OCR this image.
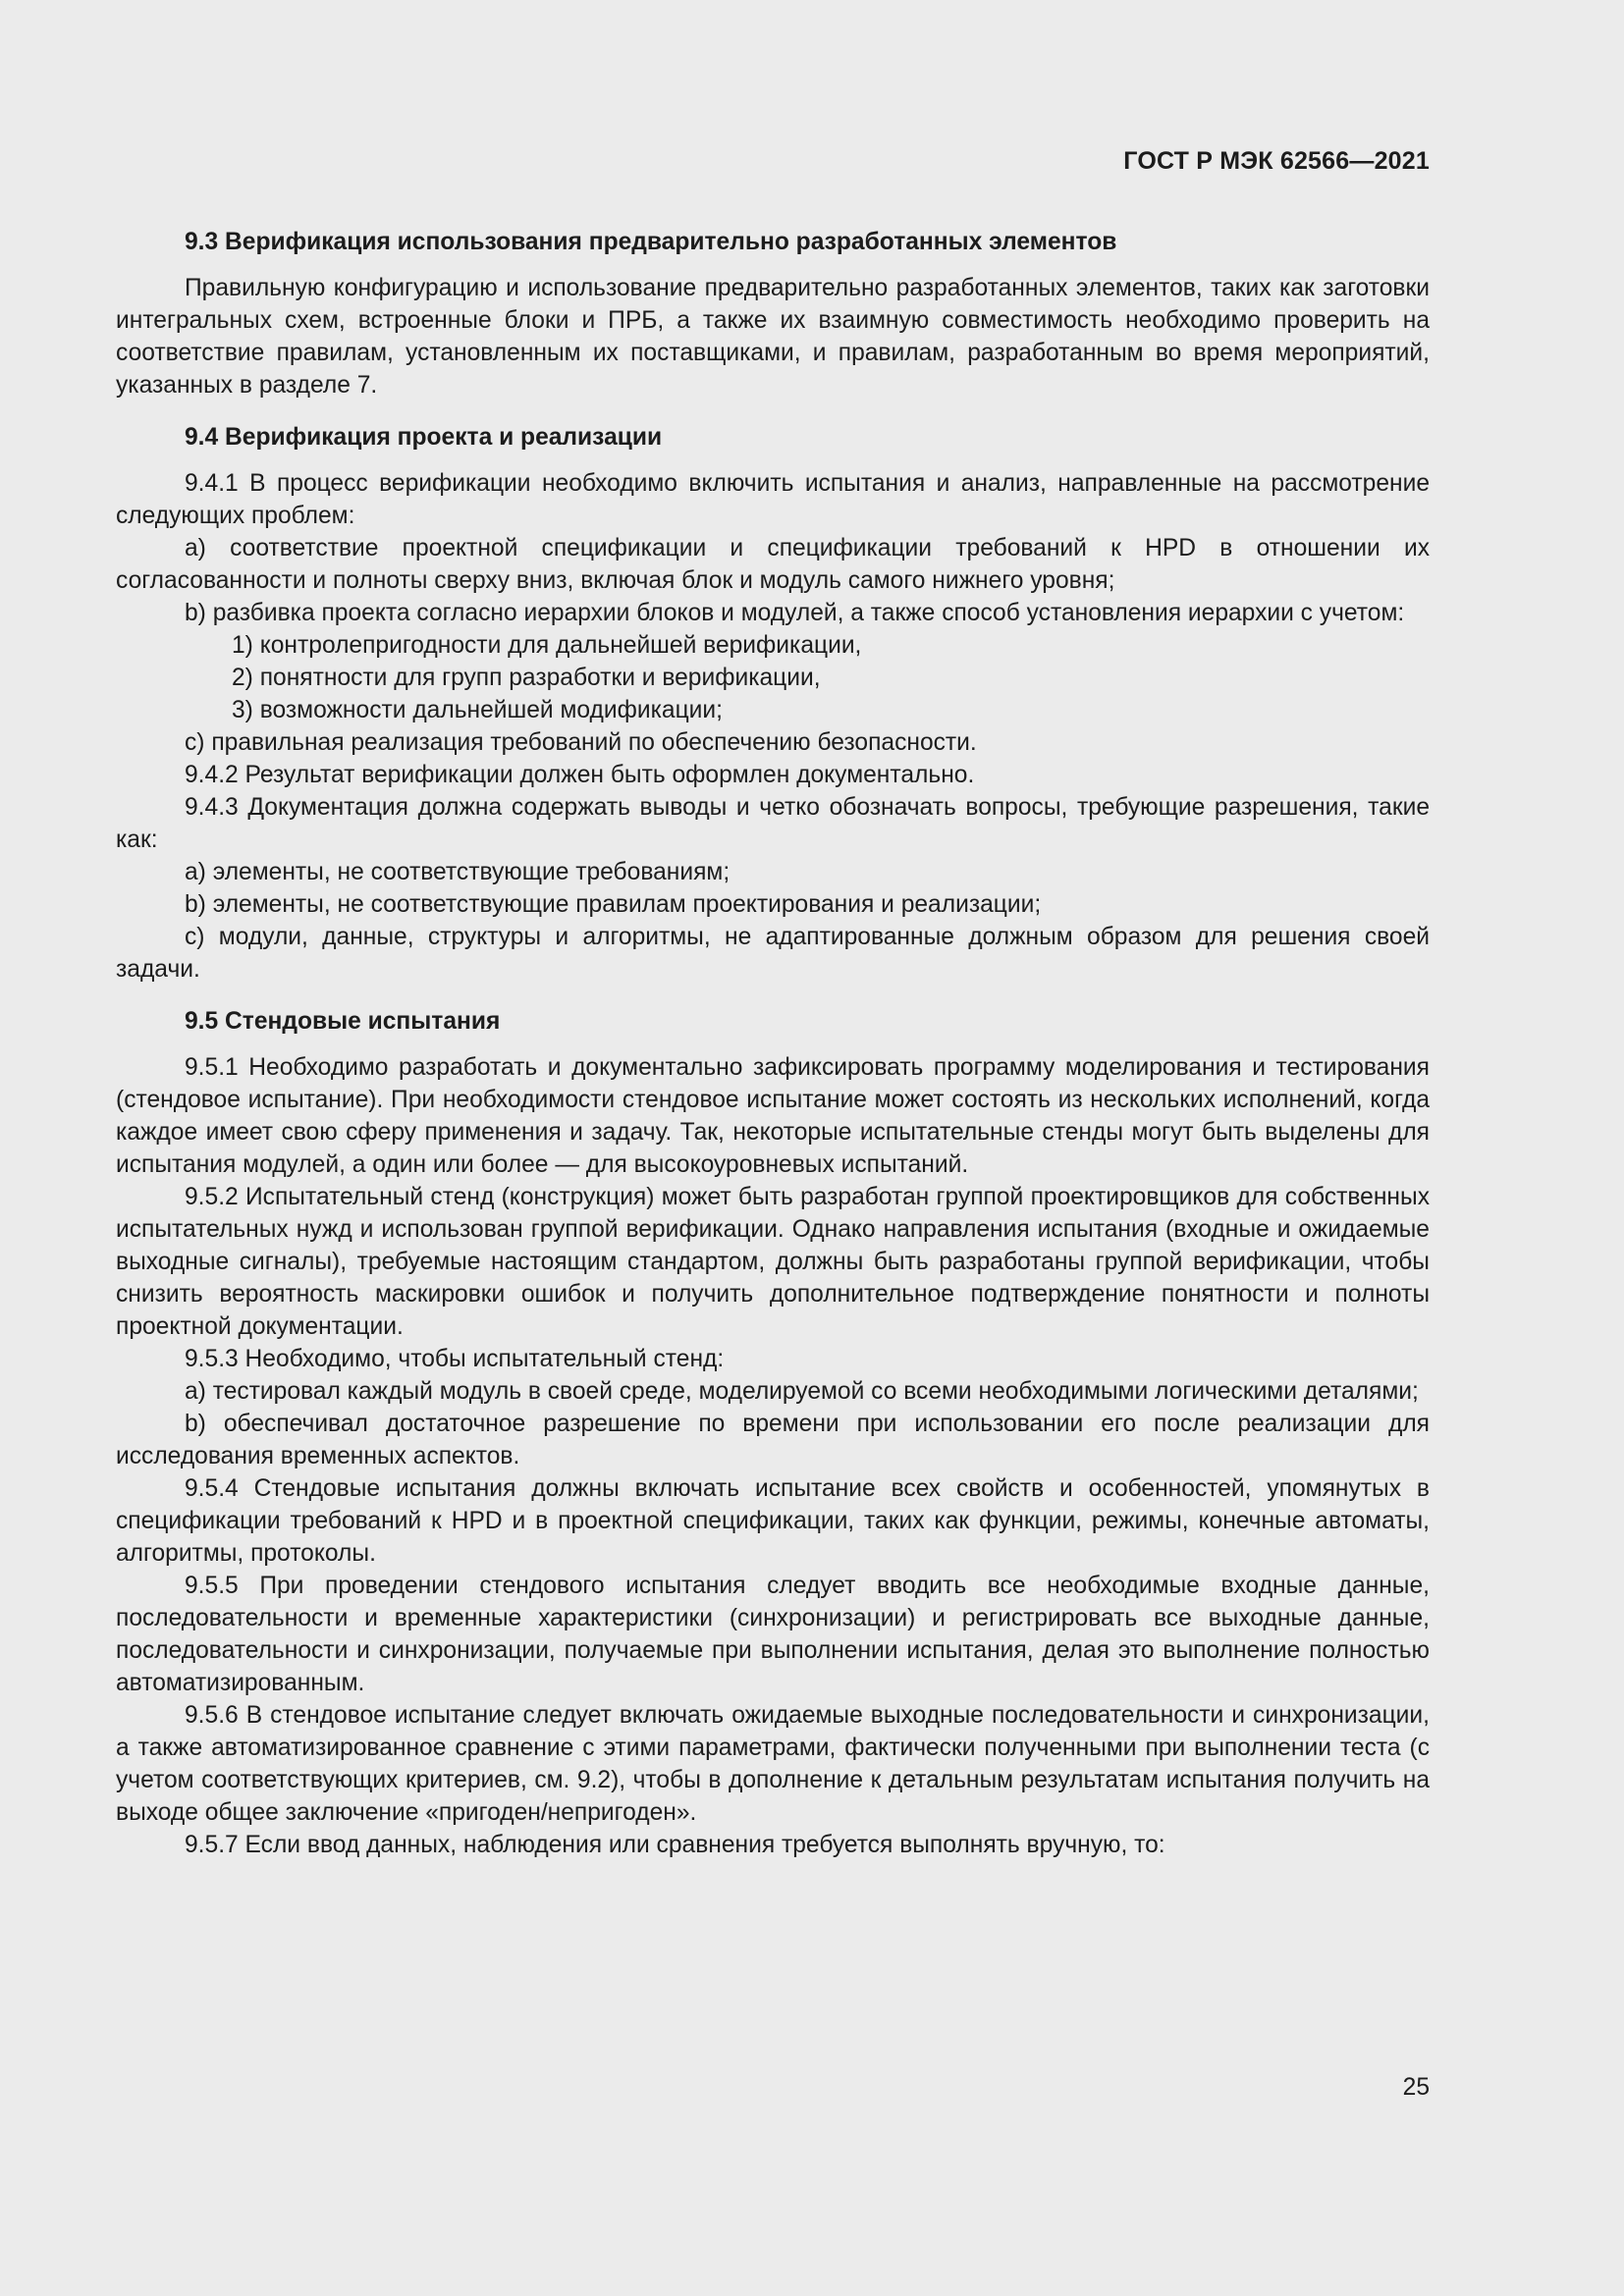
ГОСТ Р МЭК 62566—2021

9.3 Верификация использования предварительно разработанных элементов

Правильную конфигурацию и использование предварительно разработанных элементов, таких как заготовки интегральных схем, встроенные блоки и ПРБ, а также их взаимную совместимость необходимо проверить на соответствие правилам, установленным их поставщиками, и правилам, разработанным во время мероприятий, указанных в разделе 7.

9.4 Верификация проекта и реализации

9.4.1 В процесс верификации необходимо включить испытания и анализ, направленные на рассмотрение следующих проблем:

a) соответствие проектной спецификации и спецификации требований к HPD в отношении их согласованности и полноты сверху вниз, включая блок и модуль самого нижнего уровня;

b) разбивка проекта согласно иерархии блоков и модулей, а также способ установления иерархии с учетом:

1) контролепригодности для дальнейшей верификации,

2) понятности для групп разработки и верификации,

3) возможности дальнейшей модификации;

c) правильная реализация требований по обеспечению безопасности.

9.4.2 Результат верификации должен быть оформлен документально.

9.4.3 Документация должна содержать выводы и четко обозначать вопросы, требующие разрешения, такие как:

a) элементы, не соответствующие требованиям;

b) элементы, не соответствующие правилам проектирования и реализации;

c) модули, данные, структуры и алгоритмы, не адаптированные должным образом для решения своей задачи.

9.5 Стендовые испытания

9.5.1 Необходимо разработать и документально зафиксировать программу моделирования и тестирования (стендовое испытание). При необходимости стендовое испытание может состоять из нескольких исполнений, когда каждое имеет свою сферу применения и задачу. Так, некоторые испытательные стенды могут быть выделены для испытания модулей, а один или более — для высокоуровневых испытаний.

9.5.2 Испытательный стенд (конструкция) может быть разработан группой проектировщиков для собственных испытательных нужд и использован группой верификации. Однако направления испытания (входные и ожидаемые выходные сигналы), требуемые настоящим стандартом, должны быть разработаны группой верификации, чтобы снизить вероятность маскировки ошибок и получить дополнительное подтверждение понятности и полноты проектной документации.

9.5.3 Необходимо, чтобы испытательный стенд:

a) тестировал каждый модуль в своей среде, моделируемой со всеми необходимыми логическими деталями;

b) обеспечивал достаточное разрешение по времени при использовании его после реализации для исследования временных аспектов.

9.5.4 Стендовые испытания должны включать испытание всех свойств и особенностей, упомянутых в спецификации требований к HPD и в проектной спецификации, таких как функции, режимы, конечные автоматы, алгоритмы, протоколы.

9.5.5 При проведении стендового испытания следует вводить все необходимые входные данные, последовательности и временные характеристики (синхронизации) и регистрировать все выходные данные, последовательности и синхронизации, получаемые при выполнении испытания, делая это выполнение полностью автоматизированным.

9.5.6 В стендовое испытание следует включать ожидаемые выходные последовательности и синхронизации, а также автоматизированное сравнение с этими параметрами, фактически полученными при выполнении теста (с учетом соответствующих критериев, см. 9.2), чтобы в дополнение к детальным результатам испытания получить на выходе общее заключение «пригоден/непригоден».

9.5.7 Если ввод данных, наблюдения или сравнения требуется выполнять вручную, то:

25
